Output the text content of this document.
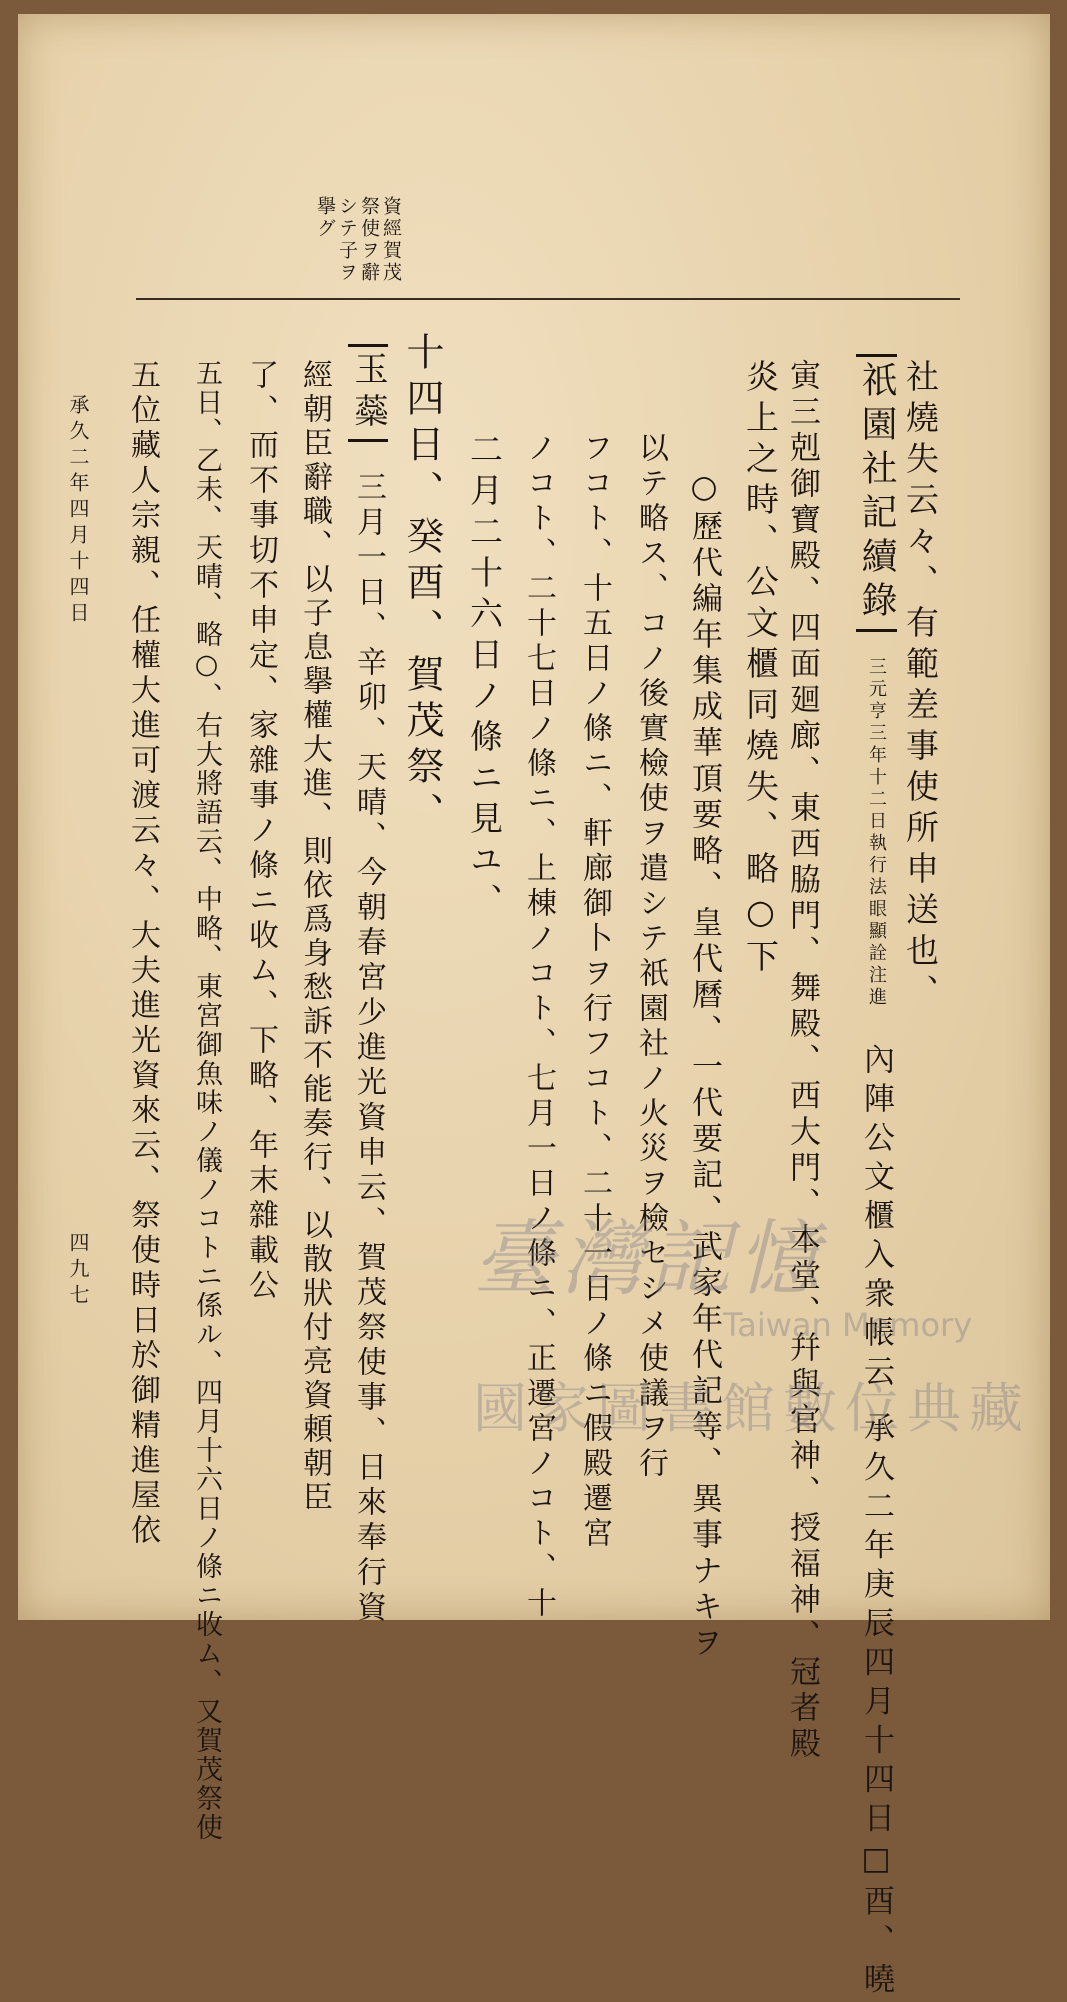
資經賀茂
祭使ヲ辭
シテ子ヲ
擧グ
社燒失云々、有範差事使所申送也、
祇園社記續錄 三元亨三年十二日執行法眼顯詮注進 內陣公文櫃入衆帳云 承久二年庚辰四月十四日□酉、曉
寅三剋御寶殿、四面廻廊、東西脇門、舞殿、西大門、本堂、幷與官神、授福神、冠者殿
炎上之時、公文櫃同燒失、略○下
○歷代編年集成華頂要略、皇代曆、一代要記、武家年代記等、異事ナキヲ
以テ略ス、コノ後實檢使ヲ遣シテ祇園社ノ火災ヲ檢セシメ使議ヲ行
フコト、十五日ノ條ニ、軒廊御卜ヲ行フコト、二十一日ノ條ニ假殿遷宮
ノコト、二十七日ノ條ニ、上棟ノコト、七月一日ノ條ニ、正遷宮ノコト、十
二月二十六日ノ條ニ見ユ、
十四日、癸酉、賀茂祭、
玉蘂 三月一日、辛卯、天晴、今朝春宮少進光資申云、賀茂祭使事、日來奉行資
經朝臣辭職、以子息擧權大進、則依爲身愁訴不能奏行、以散狀付亮資頼朝臣
了、而不事切不申定、家雜事ノ條ニ收ム、下略、年末雜載公
五日、乙未、天晴、略○、右大將語云、中略、東宮御魚味ノ儀ノコトニ係ル、四月十六日ノ條ニ收ム、又賀茂祭使
五位藏人宗親、任權大進可渡云々、大夫進光資來云、祭使時日於御精進屋依
承久二年四月十四日
四九七	臺灣記憶
Taiwan Memory
國家圖書館數位典藏
